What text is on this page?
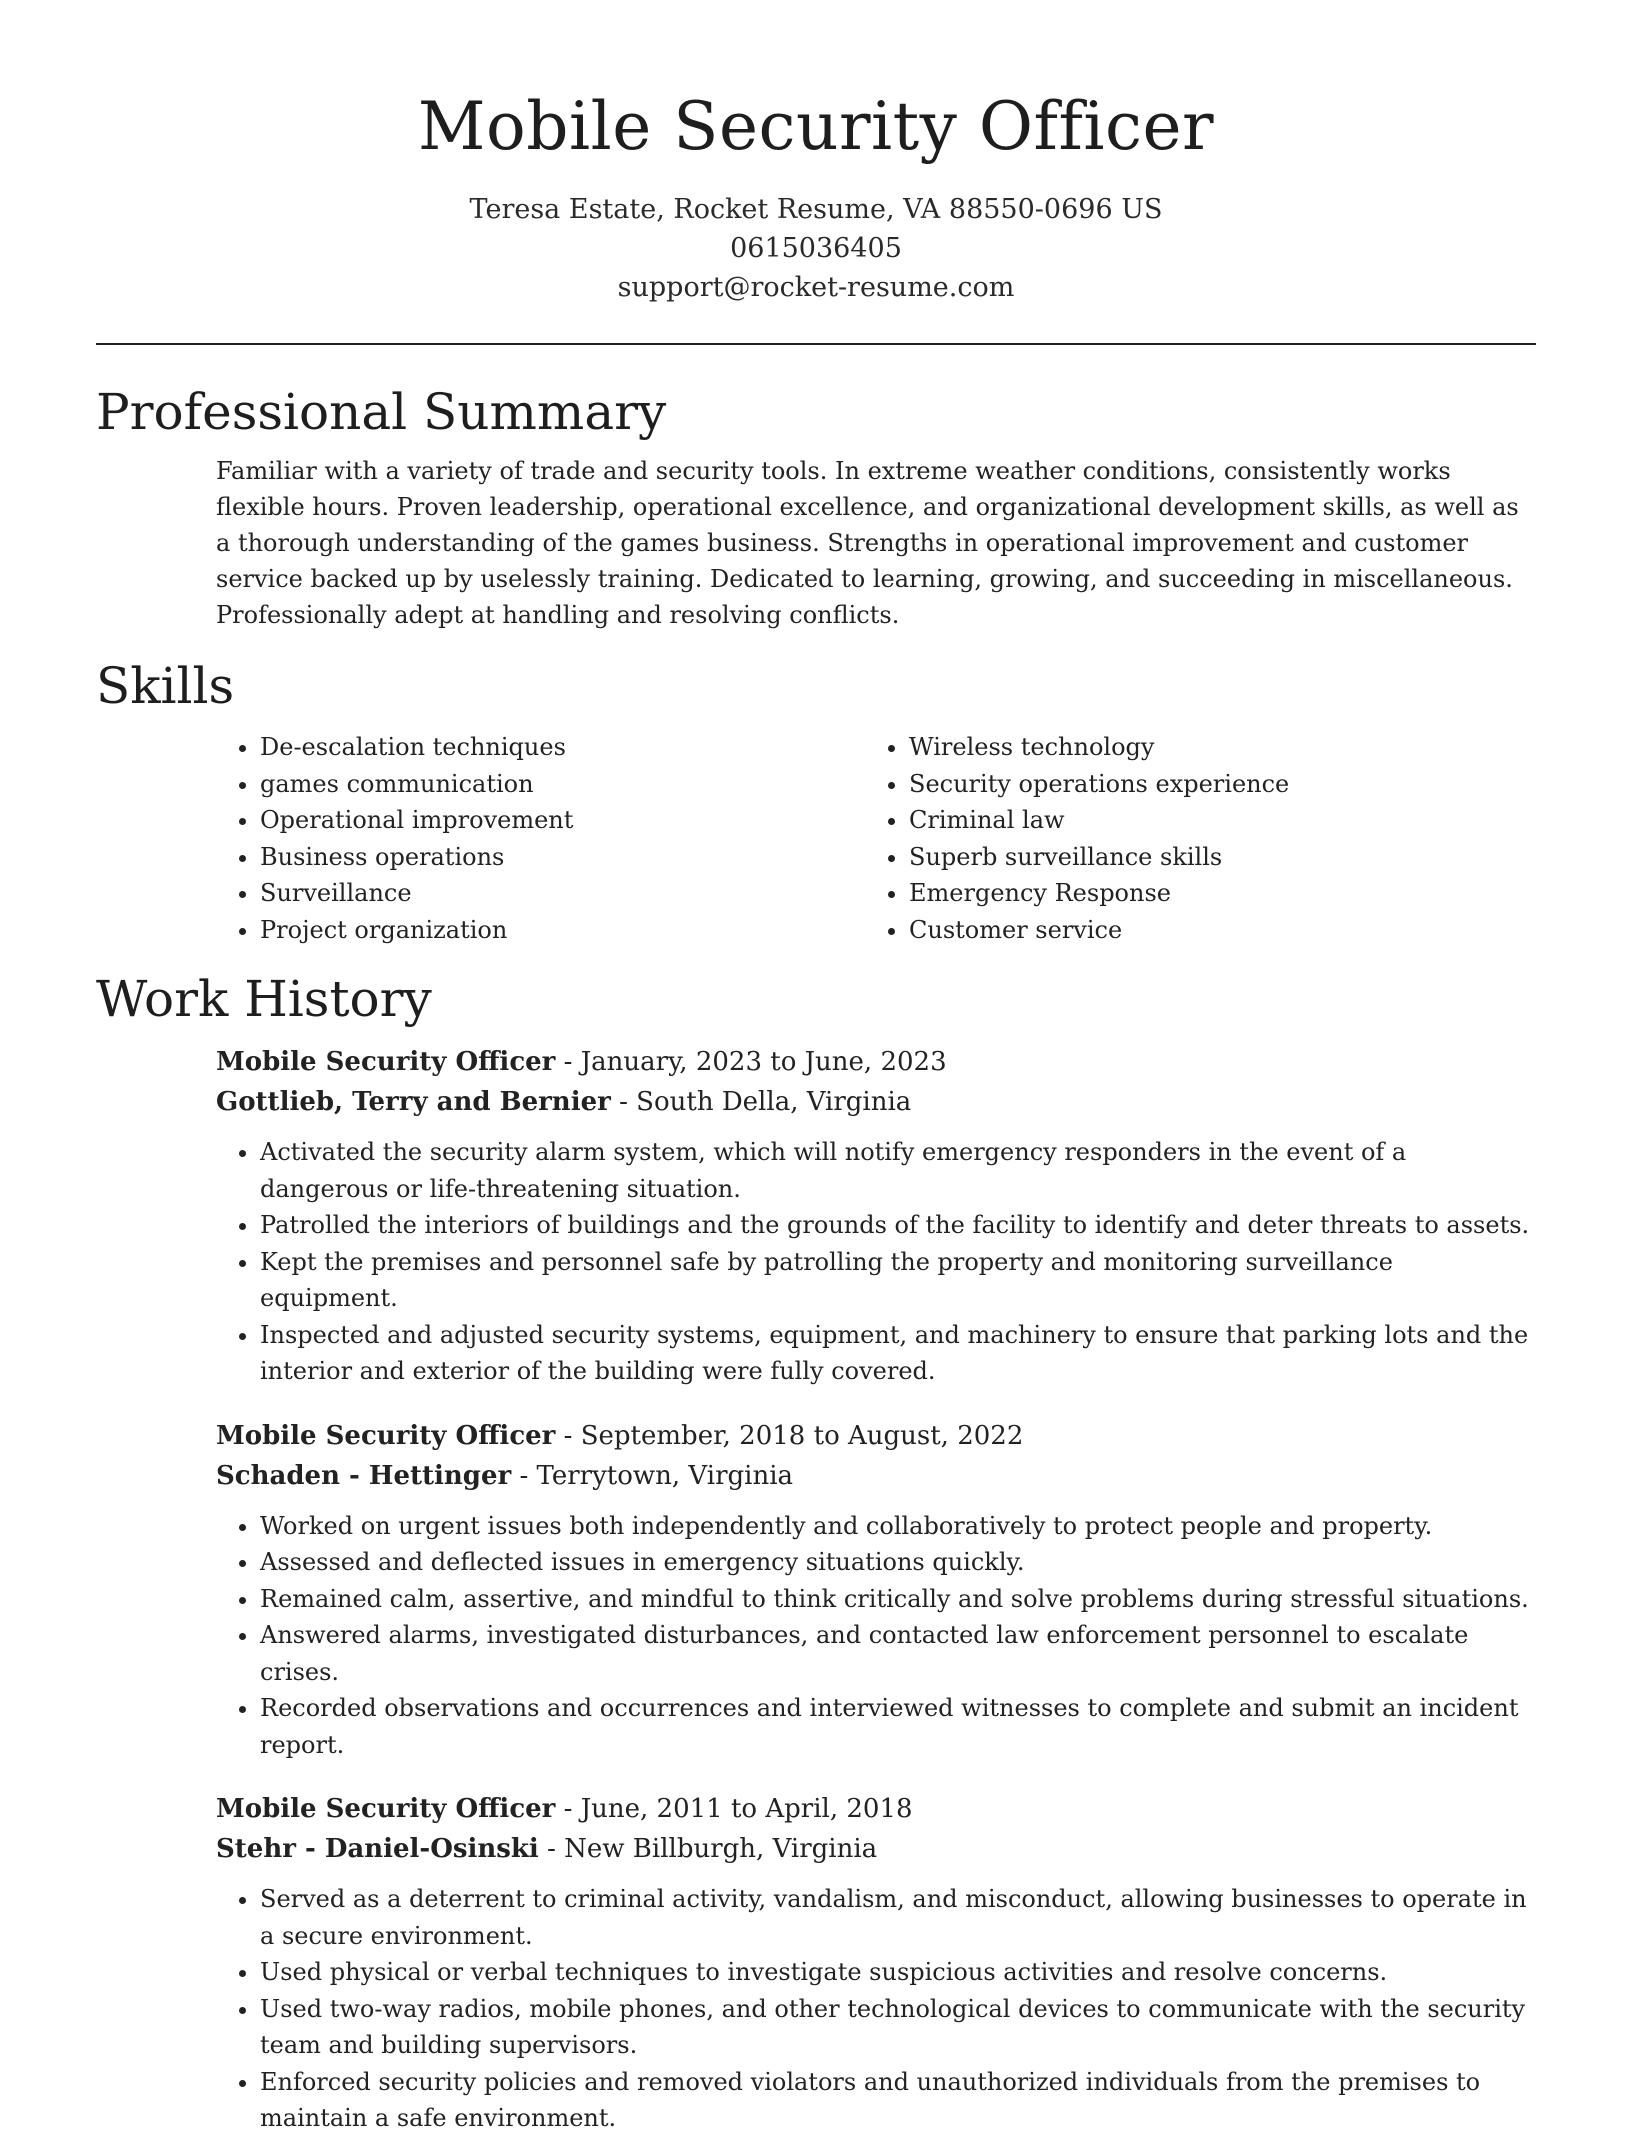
Mobile Security Officer
Teresa Estate, Rocket Resume, VA 88550-0696 US
0615036405
support@rocket-resume.com
Professional Summary

Familiar with a variety of trade and security tools. In extreme weather conditions, consistently works flexible hours. Proven leadership, operational excellence, and organizational development skills, as well as a thorough understanding of the games business. Strengths in operational improvement and customer service backed up by uselessly training. Dedicated to learning, growing, and succeeding in miscellaneous. Professionally adept at handling and resolving conflicts.

Skills
• De-escalation techniques
• games communication
• Operational improvement
• Business operations
• Surveillance
• Project organization
• Wireless technology
• Security operations experience
• Criminal law
• Superb surveillance skills
• Emergency Response
• Customer service
Work History
Mobile Security Officer - January, 2023 to June, 2023
Gottlieb, Terry and Bernier - South Della, Virginia
• Activated the security alarm system, which will notify emergency responders in the event of a dangerous or life-threatening situation.
• Patrolled the interiors of buildings and the grounds of the facility to identify and deter threats to assets.
• Kept the premises and personnel safe by patrolling the property and monitoring surveillance equipment.
• Inspected and adjusted security systems, equipment, and machinery to ensure that parking lots and the interior and exterior of the building were fully covered.
Mobile Security Officer - September, 2018 to August, 2022
Schaden - Hettinger - Terrytown, Virginia
• Worked on urgent issues both independently and collaboratively to protect people and property.
• Assessed and deflected issues in emergency situations quickly.
• Remained calm, assertive, and mindful to think critically and solve problems during stressful situations.
• Answered alarms, investigated disturbances, and contacted law enforcement personnel to escalate crises.
• Recorded observations and occurrences and interviewed witnesses to complete and submit an incident report.
Mobile Security Officer - June, 2011 to April, 2018
Stehr - Daniel-Osinski - New Billburgh, Virginia
• Served as a deterrent to criminal activity, vandalism, and misconduct, allowing businesses to operate in a secure environment.
• Used physical or verbal techniques to investigate suspicious activities and resolve concerns.
• Used two-way radios, mobile phones, and other technological devices to communicate with the security team and building supervisors.
• Enforced security policies and removed violators and unauthorized individuals from the premises to maintain a safe environment.
